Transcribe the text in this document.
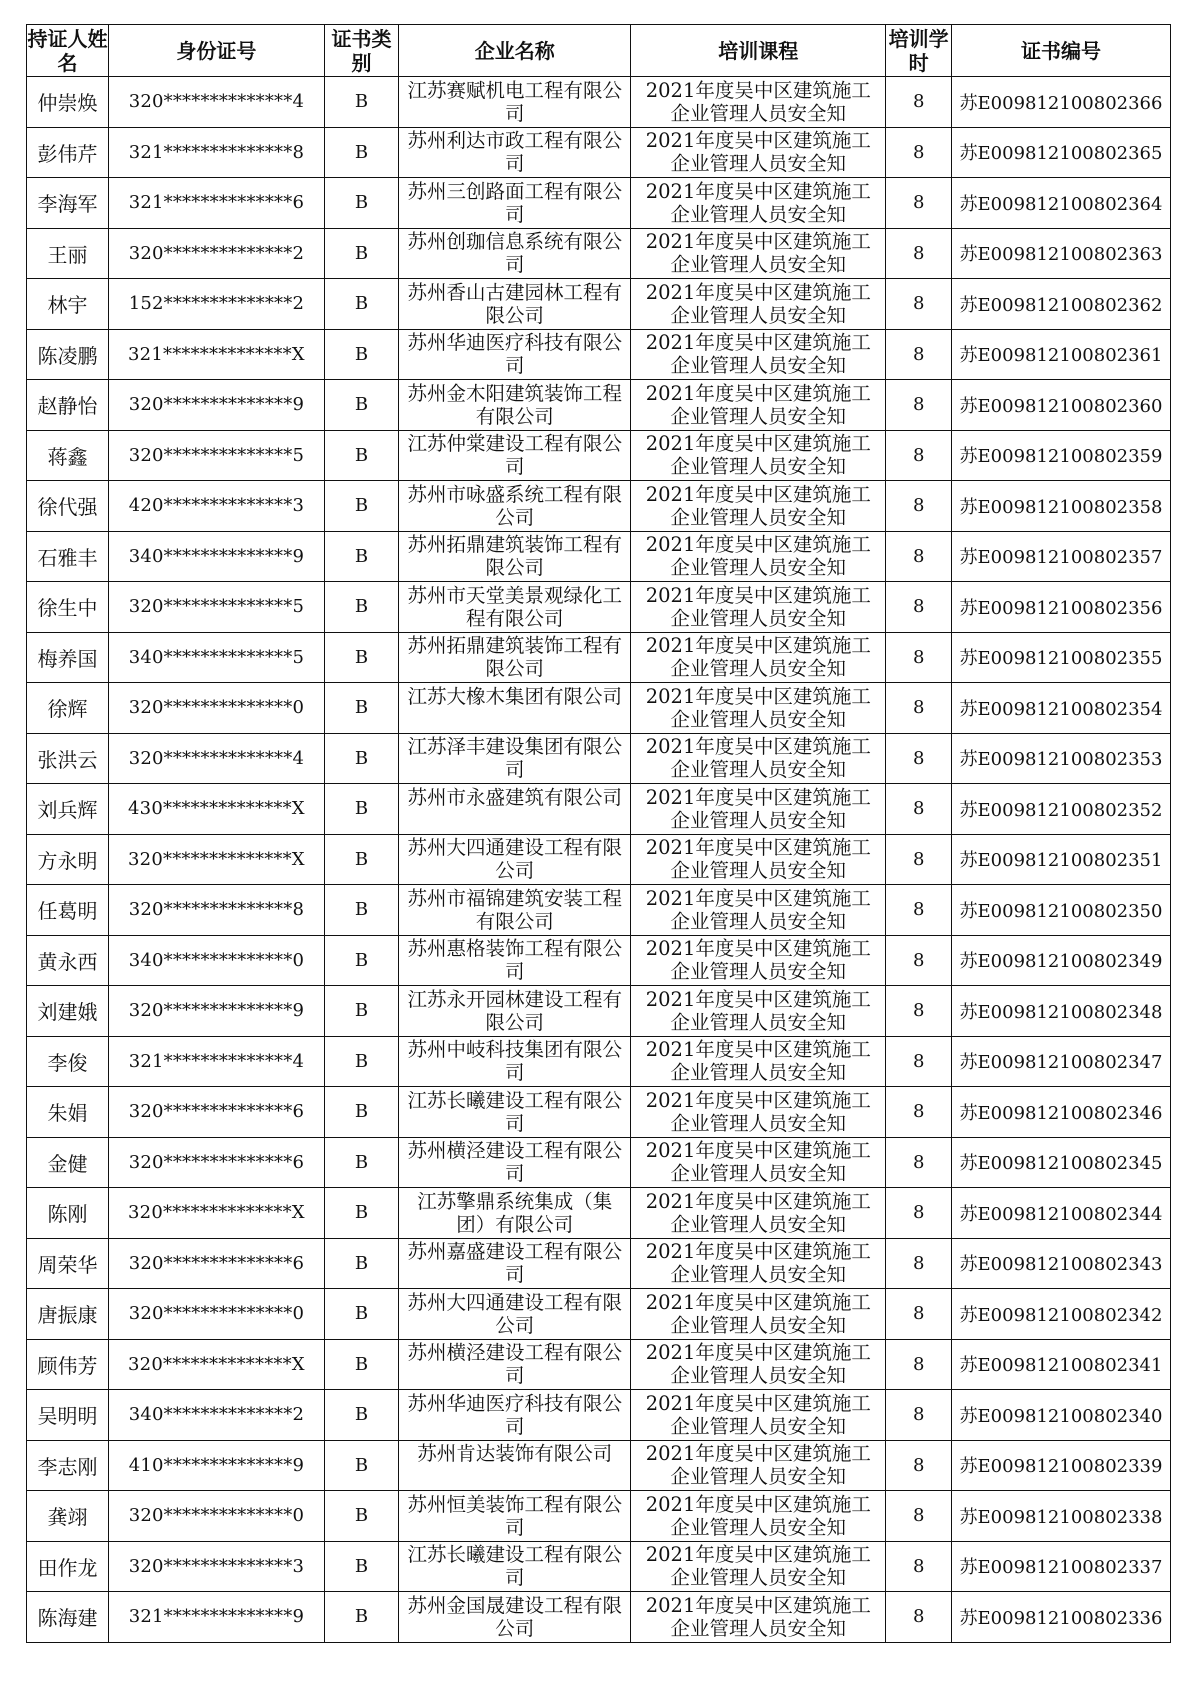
持证人姓名	身份证号	证书类别	企业名称	培训课程	培训学时	证书编号
仲崇焕	320**************4	B	江苏赛赋机电工程有限公司	2021年度吴中区建筑施工企业管理人员安全知	8	苏E009812100802366
彭伟芹	321**************8	B	苏州利达市政工程有限公司	2021年度吴中区建筑施工企业管理人员安全知	8	苏E009812100802365
李海军	321**************6	B	苏州三创路面工程有限公司	2021年度吴中区建筑施工企业管理人员安全知	8	苏E009812100802364
王丽	320**************2	B	苏州创珈信息系统有限公司	2021年度吴中区建筑施工企业管理人员安全知	8	苏E009812100802363
林宇	152**************2	B	苏州香山古建园林工程有限公司	2021年度吴中区建筑施工企业管理人员安全知	8	苏E009812100802362
陈凌鹏	321**************X	B	苏州华迪医疗科技有限公司	2021年度吴中区建筑施工企业管理人员安全知	8	苏E009812100802361
赵静怡	320**************9	B	苏州金木阳建筑装饰工程有限公司	2021年度吴中区建筑施工企业管理人员安全知	8	苏E009812100802360
蒋鑫	320**************5	B	江苏仲棠建设工程有限公司	2021年度吴中区建筑施工企业管理人员安全知	8	苏E009812100802359
徐代强	420**************3	B	苏州市咏盛系统工程有限公司	2021年度吴中区建筑施工企业管理人员安全知	8	苏E009812100802358
石雅丰	340**************9	B	苏州拓鼎建筑装饰工程有限公司	2021年度吴中区建筑施工企业管理人员安全知	8	苏E009812100802357
徐生中	320**************5	B	苏州市天堂美景观绿化工程有限公司	2021年度吴中区建筑施工企业管理人员安全知	8	苏E009812100802356
梅养国	340**************5	B	苏州拓鼎建筑装饰工程有限公司	2021年度吴中区建筑施工企业管理人员安全知	8	苏E009812100802355
徐辉	320**************0	B	江苏大橡木集团有限公司	2021年度吴中区建筑施工企业管理人员安全知	8	苏E009812100802354
张洪云	320**************4	B	江苏泽丰建设集团有限公司	2021年度吴中区建筑施工企业管理人员安全知	8	苏E009812100802353
刘兵辉	430**************X	B	苏州市永盛建筑有限公司	2021年度吴中区建筑施工企业管理人员安全知	8	苏E009812100802352
方永明	320**************X	B	苏州大四通建设工程有限公司	2021年度吴中区建筑施工企业管理人员安全知	8	苏E009812100802351
任葛明	320**************8	B	苏州市福锦建筑安装工程有限公司	2021年度吴中区建筑施工企业管理人员安全知	8	苏E009812100802350
黄永西	340**************0	B	苏州惠格装饰工程有限公司	2021年度吴中区建筑施工企业管理人员安全知	8	苏E009812100802349
刘建娥	320**************9	B	江苏永开园林建设工程有限公司	2021年度吴中区建筑施工企业管理人员安全知	8	苏E009812100802348
李俊	321**************4	B	苏州中岐科技集团有限公司	2021年度吴中区建筑施工企业管理人员安全知	8	苏E009812100802347
朱娟	320**************6	B	江苏长曦建设工程有限公司	2021年度吴中区建筑施工企业管理人员安全知	8	苏E009812100802346
金健	320**************6	B	苏州横泾建设工程有限公司	2021年度吴中区建筑施工企业管理人员安全知	8	苏E009812100802345
陈刚	320**************X	B	江苏擎鼎系统集成（集团）有限公司	2021年度吴中区建筑施工企业管理人员安全知	8	苏E009812100802344
周荣华	320**************6	B	苏州嘉盛建设工程有限公司	2021年度吴中区建筑施工企业管理人员安全知	8	苏E009812100802343
唐振康	320**************0	B	苏州大四通建设工程有限公司	2021年度吴中区建筑施工企业管理人员安全知	8	苏E009812100802342
顾伟芳	320**************X	B	苏州横泾建设工程有限公司	2021年度吴中区建筑施工企业管理人员安全知	8	苏E009812100802341
吴明明	340**************2	B	苏州华迪医疗科技有限公司	2021年度吴中区建筑施工企业管理人员安全知	8	苏E009812100802340
李志刚	410**************9	B	苏州肯达装饰有限公司	2021年度吴中区建筑施工企业管理人员安全知	8	苏E009812100802339
龚翊	320**************0	B	苏州恒美装饰工程有限公司	2021年度吴中区建筑施工企业管理人员安全知	8	苏E009812100802338
田作龙	320**************3	B	江苏长曦建设工程有限公司	2021年度吴中区建筑施工企业管理人员安全知	8	苏E009812100802337
陈海建	321**************9	B	苏州金国晟建设工程有限公司	2021年度吴中区建筑施工企业管理人员安全知	8	苏E009812100802336
